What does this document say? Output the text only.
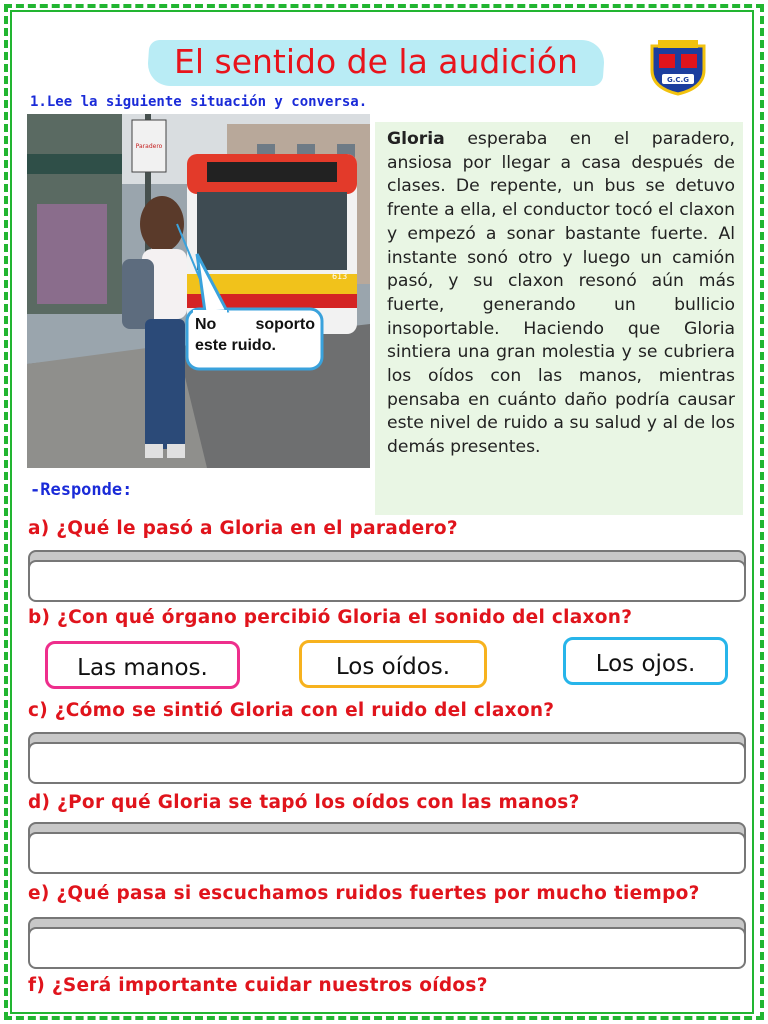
El sentido de la audición	G.C.G
1.Lee la siguiente situación y conversa.
Paradero
613
No soporto este ruido.
Gloria esperaba en el paradero, ansiosa por llegar a casa después de clases. De repente, un bus se detuvo frente a ella, el conductor tocó el claxon y empezó a sonar bastante fuerte. Al instante sonó otro y luego un camión pasó, y su claxon resonó aún más fuerte, generando un bullicio insoportable. Haciendo que Gloria sintiera una gran molestia y se cubriera los oídos con las manos, mientras pensaba en cuánto daño podría causar este nivel de ruido a su salud y al de los demás presentes.
-Responde:
a) ¿Qué le pasó a Gloria en el paradero?
b) ¿Con qué órgano percibió Gloria el sonido del claxon?
Las manos.	Los oídos.	Los ojos.
c) ¿Cómo se sintió Gloria con el ruido del claxon?
d) ¿Por qué Gloria se tapó los oídos con las manos?
e) ¿Qué pasa si escuchamos ruidos fuertes por mucho tiempo?
f) ¿Será importante cuidar nuestros oídos?
